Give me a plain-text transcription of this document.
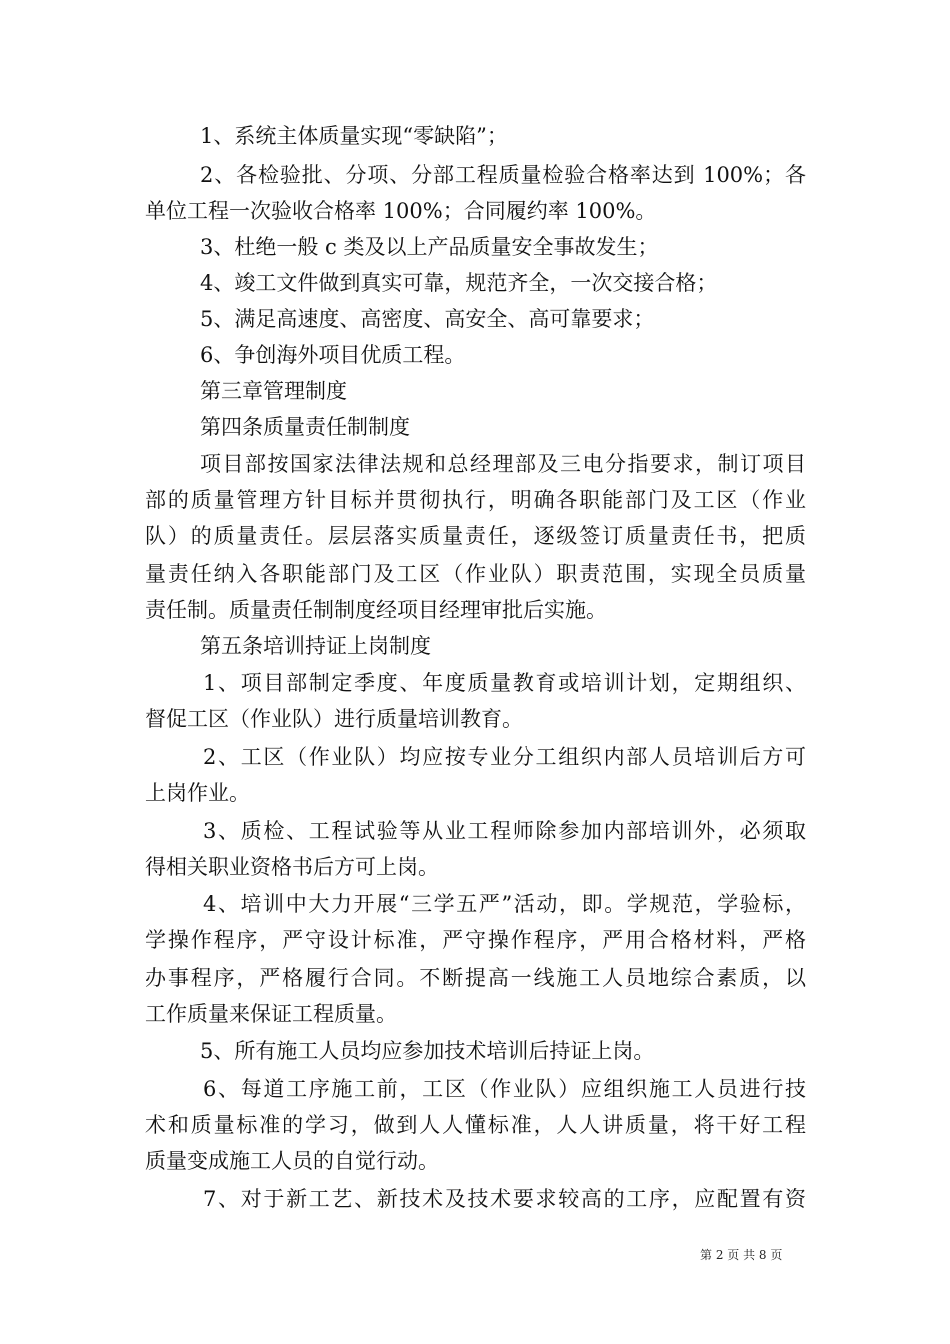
1、系统主体质量实现“零缺陷”；
2、各检验批、分项、分部工程质量检验合格率达到 100%；各
单位工程一次验收合格率 100%；合同履约率 100%。
3、杜绝一般 c 类及以上产品质量安全事故发生；
4、竣工文件做到真实可靠，规范齐全，一次交接合格；
5、满足高速度、高密度、高安全、高可靠要求；
6、争创海外项目优质工程。
第三章管理制度
第四条质量责任制制度
项目部按国家法律法规和总经理部及三电分指要求，制订项目
部的质量管理方针目标并贯彻执行，明确各职能部门及工区（作业
队）的质量责任。层层落实质量责任，逐级签订质量责任书，把质
量责任纳入各职能部门及工区（作业队）职责范围，实现全员质量
责任制。质量责任制制度经项目经理审批后实施。
第五条培训持证上岗制度
1、项目部制定季度、年度质量教育或培训计划，定期组织、
督促工区（作业队）进行质量培训教育。
2、工区（作业队）均应按专业分工组织内部人员培训后方可
上岗作业。
3、质检、工程试验等从业工程师除参加内部培训外，必须取
得相关职业资格书后方可上岗。
4、培训中大力开展“三学五严”活动，即。学规范，学验标，
学操作程序，严守设计标准，严守操作程序，严用合格材料，严格
办事程序，严格履行合同。不断提高一线施工人员地综合素质，以
工作质量来保证工程质量。
5、所有施工人员均应参加技术培训后持证上岗。
6、每道工序施工前，工区（作业队）应组织施工人员进行技
术和质量标准的学习，做到人人懂标准，人人讲质量，将干好工程
质量变成施工人员的自觉行动。
7、对于新工艺、新技术及技术要求较高的工序，应配置有资
第 2 页 共 8 页
